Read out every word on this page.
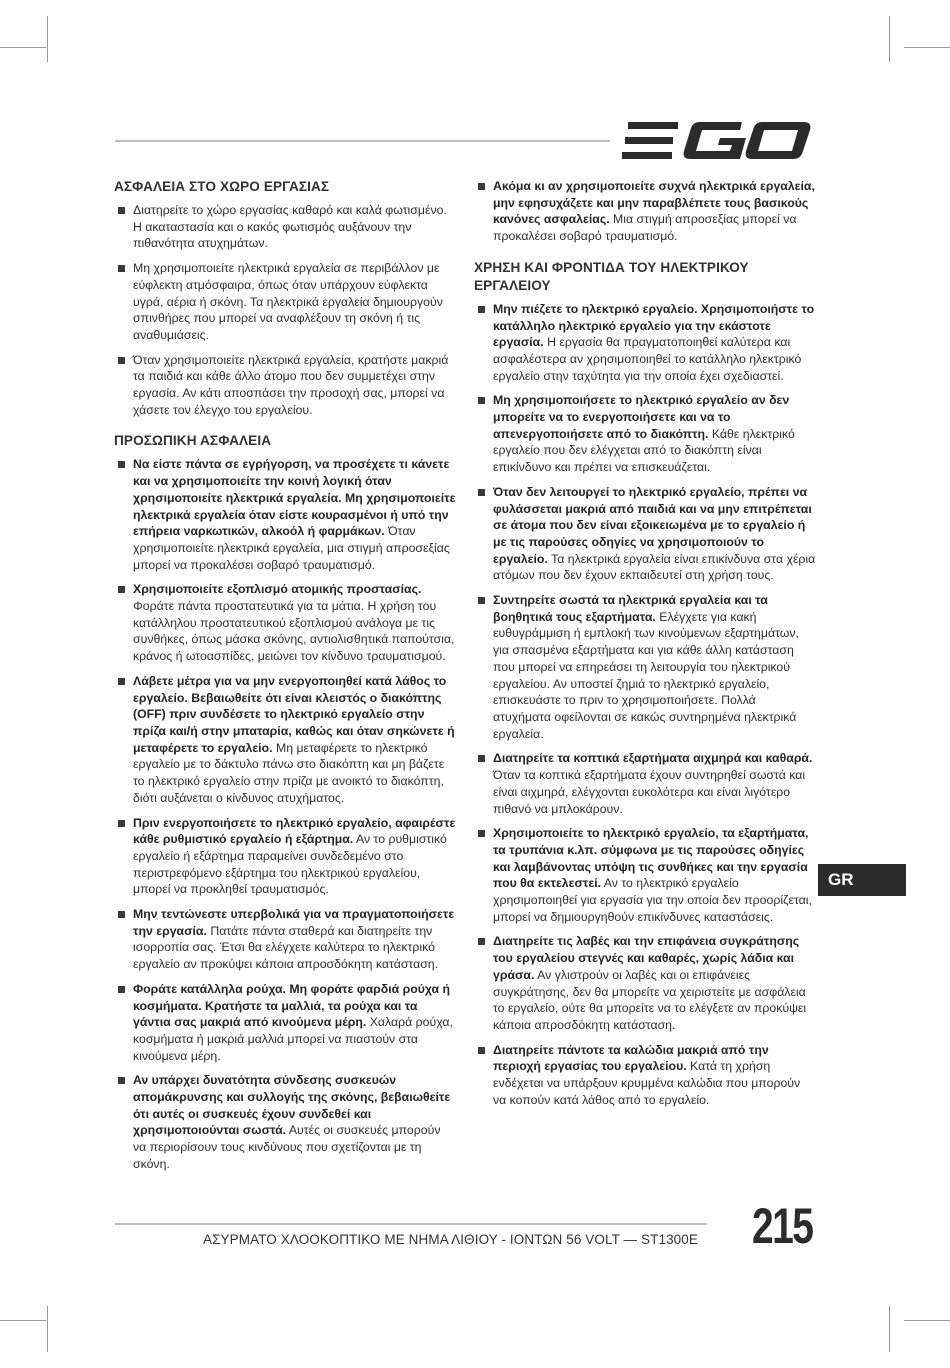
ΑΣΦΑΛΕΙΑ ΣΤΟ ΧΩΡΟ ΕΡΓΑΣΙΑΣ
Διατηρείτε το χώρο εργασίας καθαρό και καλά φωτισμένο. Η ακαταστασία και ο κακός φωτισμός αυξάνουν την πιθανότητα ατυχημάτων.
Μη χρησιμοποιείτε ηλεκτρικά εργαλεία σε περιβάλλον με εύφλεκτη ατμόσφαιρα, όπως όταν υπάρχουν εύφλεκτα υγρά, αέρια ή σκόνη. Τα ηλεκτρικά εργαλεία δημιουργούν σπινθήρες που μπορεί να αναφλέξουν τη σκόνη ή τις αναθυμιάσεις.
Όταν χρησιμοποιείτε ηλεκτρικά εργαλεία, κρατήστε μακριά τα παιδιά και κάθε άλλο άτομο που δεν συμμετέχει στην εργασία. Αν κάτι αποσπάσει την προσοχή σας, μπορεί να χάσετε τον έλεγχο του εργαλείου.
ΠΡΟΣΩΠΙΚΗ ΑΣΦΑΛΕΙΑ
Να είστε πάντα σε εγρήγορση, να προσέχετε τι κάνετε και να χρησιμοποιείτε την κοινή λογική όταν χρησιμοποιείτε ηλεκτρικά εργαλεία. Μη χρησιμοποιείτε ηλεκτρικά εργαλεία όταν είστε κουρασμένοι ή υπό την επήρεια ναρκωτικών, αλκοόλ ή φαρμάκων. Όταν χρησιμοποιείτε ηλεκτρικά εργαλεία, μια στιγμή απροσεξίας μπορεί να προκαλέσει σοβαρό τραυματισμό.
Χρησιμοποιείτε εξοπλισμό ατομικής προστασίας. Φοράτε πάντα προστατευτικά για τα μάτια. Η χρήση του κατάλληλου προστατευτικού εξοπλισμού ανάλογα με τις συνθήκες, όπως μάσκα σκόνης, αντιολισθητικά παπούτσια, κράνος ή ωτοασπίδες, μειώνει τον κίνδυνο τραυματισμού.
Λάβετε μέτρα για να μην ενεργοποιηθεί κατά λάθος το εργαλείο. Βεβαιωθείτε ότι είναι κλειστός ο διακόπτης (OFF) πριν συνδέσετε το ηλεκτρικό εργαλείο στην πρίζα και/ή στην μπαταρία, καθώς και όταν σηκώνετε ή μεταφέρετε το εργαλείο. Μη μεταφέρετε το ηλεκτρικό εργαλείο με το δάκτυλο πάνω στο διακόπτη και μη βάζετε το ηλεκτρικό εργαλείο στην πρίζα με ανοικτό το διακόπτη, διότι αυξάνεται ο κίνδυνος ατυχήματος.
Πριν ενεργοποιήσετε το ηλεκτρικό εργαλείο, αφαιρέστε κάθε ρυθμιστικό εργαλείο ή εξάρτημα. Αν το ρυθμιστικό εργαλείο ή εξάρτημα παραμείνει συνδεδεμένο στο περιστρεφόμενο εξάρτημα του ηλεκτρικού εργαλείου, μπορεί να προκληθεί τραυματισμός.
Μην τεντώνεστε υπερβολικά για να πραγματοποιήσετε την εργασία. Πατάτε πάντα σταθερά και διατηρείτε την ισορροπία σας. Έτσι θα ελέγχετε καλύτερα το ηλεκτρικό εργαλείο αν προκύψει κάποια απροσδόκητη κατάσταση.
Φοράτε κατάλληλα ρούχα. Μη φοράτε φαρδιά ρούχα ή κοσμήματα. Κρατήστε τα μαλλιά, τα ρούχα και τα γάντια σας μακριά από κινούμενα μέρη. Χαλαρά ρούχα, κοσμήματα ή μακριά μαλλιά μπορεί να πιαστούν στα κινούμενα μέρη.
Αν υπάρχει δυνατότητα σύνδεσης συσκευών απομάκρυνσης και συλλογής της σκόνης, βεβαιωθείτε ότι αυτές οι συσκευές έχουν συνδεθεί και χρησιμοποιούνται σωστά. Αυτές οι συσκευές μπορούν να περιορίσουν τους κινδύνους που σχετίζονται με τη σκόνη.
Ακόμα κι αν χρησιμοποιείτε συχνά ηλεκτρικά εργαλεία, μην εφησυχάζετε και μην παραβλέπετε τους βασικούς κανόνες ασφαλείας. Μια στιγμή απροσεξίας μπορεί να προκαλέσει σοβαρό τραυματισμό.
ΧΡΗΣΗ ΚΑΙ ΦΡΟΝΤΙΔΑ ΤΟΥ ΗΛΕΚΤΡΙΚΟΥ ΕΡΓΑΛΕΙΟΥ
Μην πιέζετε το ηλεκτρικό εργαλείο. Χρησιμοποιήστε το κατάλληλο ηλεκτρικό εργαλείο για την εκάστοτε εργασία. Η εργασία θα πραγματοποιηθεί καλύτερα και ασφαλέστερα αν χρησιμοποιηθεί το κατάλληλο ηλεκτρικό εργαλείο στην ταχύτητα για την οποία έχει σχεδιαστεί.
Μη χρησιμοποιήσετε το ηλεκτρικό εργαλείο αν δεν μπορείτε να το ενεργοποιήσετε και να το απενεργοποιήσετε από το διακόπτη. Κάθε ηλεκτρικό εργαλείο που δεν ελέγχεται από το διακόπτη είναι επικίνδυνο και πρέπει να επισκευάζεται.
Όταν δεν λειτουργεί το ηλεκτρικό εργαλείο, πρέπει να φυλάσσεται μακριά από παιδιά και να μην επιτρέπεται σε άτομα που δεν είναι εξοικειωμένα με το εργαλείο ή με τις παρούσες οδηγίες να χρησιμοποιούν το εργαλείο. Τα ηλεκτρικά εργαλεία είναι επικίνδυνα στα χέρια ατόμων που δεν έχουν εκπαιδευτεί στη χρήση τους.
Συντηρείτε σωστά τα ηλεκτρικά εργαλεία και τα βοηθητικά τους εξαρτήματα. Ελέγχετε για κακή ευθυγράμμιση ή εμπλοκή των κινούμενων εξαρτημάτων, για σπασμένα εξαρτήματα και για κάθε άλλη κατάσταση που μπορεί να επηρεάσει τη λειτουργία του ηλεκτρικού εργαλείου. Αν υποστεί ζημιά το ηλεκτρικό εργαλείο, επισκευάστε το πριν το χρησιμοποιήσετε. Πολλά ατυχήματα οφείλονται σε κακώς συντηρημένα ηλεκτρικά εργαλεία.
Διατηρείτε τα κοπτικά εξαρτήματα αιχμηρά και καθαρά. Όταν τα κοπτικά εξαρτήματα έχουν συντηρηθεί σωστά και είναι αιχμηρά, ελέγχονται ευκολότερα και είναι λιγότερο πιθανό να μπλοκάρουν.
Χρησιμοποιείτε το ηλεκτρικό εργαλείο, τα εξαρτήματα, τα τρυπάνια κ.λπ. σύμφωνα με τις παρούσες οδηγίες και λαμβάνοντας υπόψη τις συνθήκες και την εργασία που θα εκτελεστεί. Αν το ηλεκτρικό εργαλείο χρησιμοποιηθεί για εργασία για την οποία δεν προορίζεται, μπορεί να δημιουργηθούν επικίνδυνες καταστάσεις.
Διατηρείτε τις λαβές και την επιφάνεια συγκράτησης του εργαλείου στεγνές και καθαρές, χωρίς λάδια και γράσα. Αν γλιστρούν οι λαβές και οι επιφάνειες συγκράτησης, δεν θα μπορείτε να χειριστείτε με ασφάλεια το εργαλείο, ούτε θα μπορείτε να το ελέγξετε αν προκύψει κάποια απροσδόκητη κατάσταση.
Διατηρείτε πάντοτε τα καλώδια μακριά από την περιοχή εργασίας του εργαλείου. Κατά τη χρήση ενδέχεται να υπάρξουν κρυμμένα καλώδια που μπορούν να κοπούν κατά λάθος από το εργαλείο.
GR
ΑΣΥΡΜΑΤΟ ΧΛΟΟΚΟΠΤΙΚΟ ΜΕ ΝΗΜΑ ΛΙΘΙΟΥ - ΙΟΝΤΩΝ 56 VOLT — ST1300E 215
